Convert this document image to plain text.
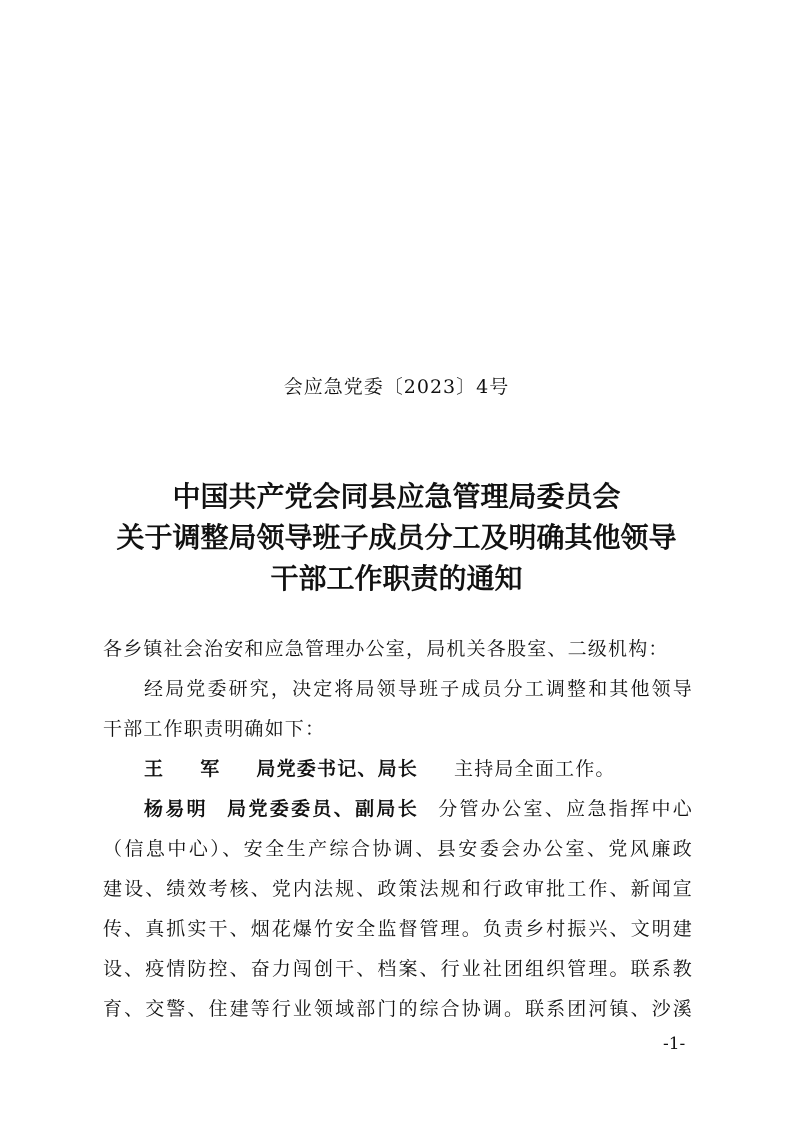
会应急党委〔2023〕4号
中国共产党会同县应急管理局委员会
关于调整局领导班子成员分工及明确其他领导
干部工作职责的通知

各乡镇社会治安和应急管理办公室，局机关各股室、二级机构：

经局党委研究，决定将局领导班子成员分工调整和其他领导

干部工作职责明确如下：

王 军 局党委书记、局长 主持局全面工作。

杨易明 局党委委员、副局长 分管办公室、应急指挥中心

（信息中心）、安全生产综合协调、县安委会办公室、党风廉政

建设、绩效考核、党内法规、政策法规和行政审批工作、新闻宣

传、真抓实干、烟花爆竹安全监督管理。负责乡村振兴、文明建

设、疫情防控、奋力闯创干、档案、行业社团组织管理。联系教

育、交警、住建等行业领域部门的综合协调。联系团河镇、沙溪

-1-
